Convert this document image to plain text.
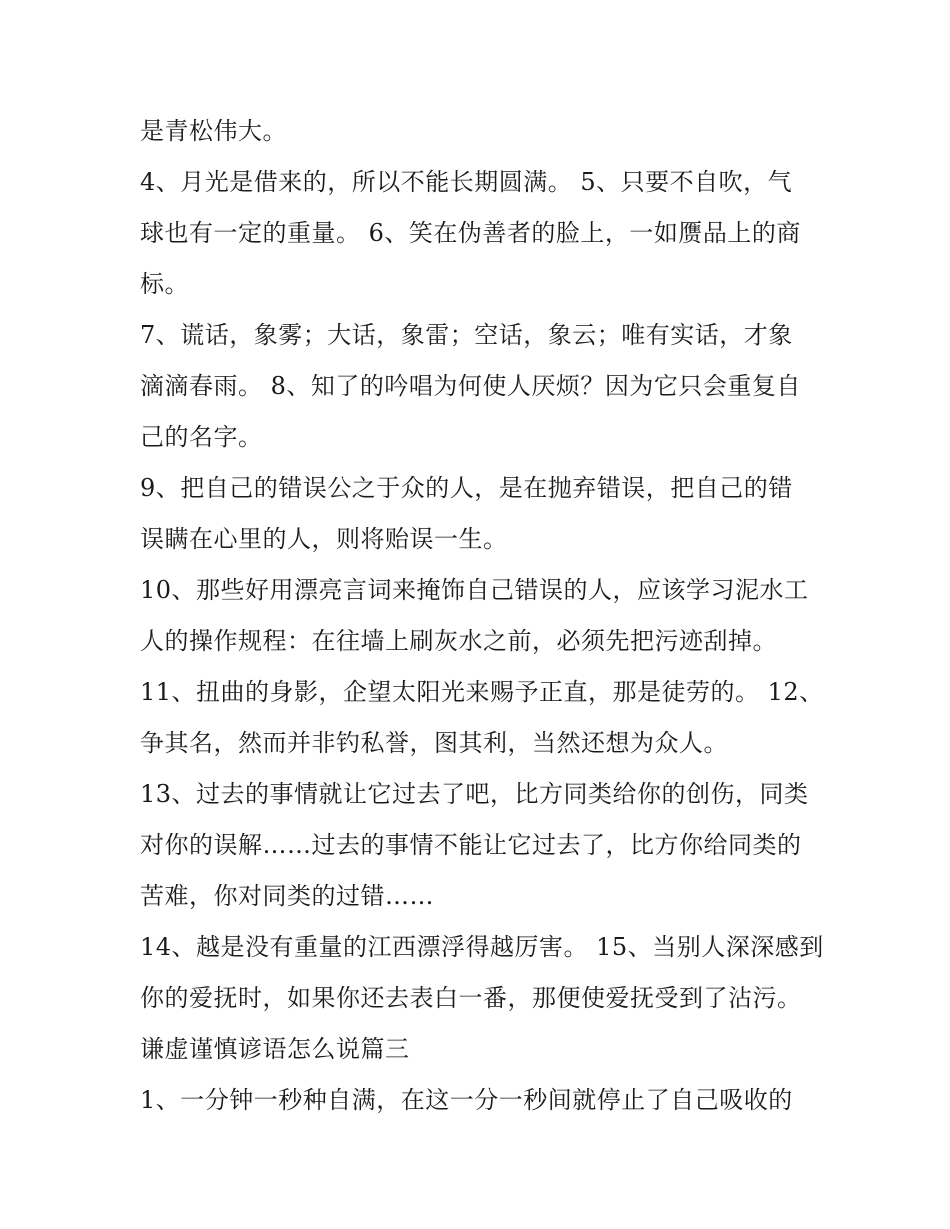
是青松伟大。
4、月光是借来的，所以不能长期圆满。 5、只要不自吹，气
球也有一定的重量。 6、笑在伪善者的脸上，一如赝品上的商
标。
7、谎话，象雾；大话，象雷；空话，象云；唯有实话，才象
滴滴春雨。 8、知了的吟唱为何使人厌烦？因为它只会重复自
己的名字。
9、把自己的错误公之于众的人，是在抛弃错误，把自己的错
误瞒在心里的人，则将贻误一生。
10、那些好用漂亮言词来掩饰自己错误的人，应该学习泥水工
人的操作规程：在往墙上刷灰水之前，必须先把污迹刮掉。
11、扭曲的身影，企望太阳光来赐予正直，那是徒劳的。 12、
争其名，然而并非钓私誉，图其利，当然还想为众人。
13、过去的事情就让它过去了吧，比方同类给你的创伤，同类
对你的误解……过去的事情不能让它过去了，比方你给同类的
苦难，你对同类的过错……
14、越是没有重量的江西漂浮得越厉害。 15、当别人深深感到
你的爱抚时，如果你还去表白一番，那便使爱抚受到了沾污。
谦虚谨慎谚语怎么说篇三
1、一分钟一秒种自满，在这一分一秒间就停止了自己吸收的
